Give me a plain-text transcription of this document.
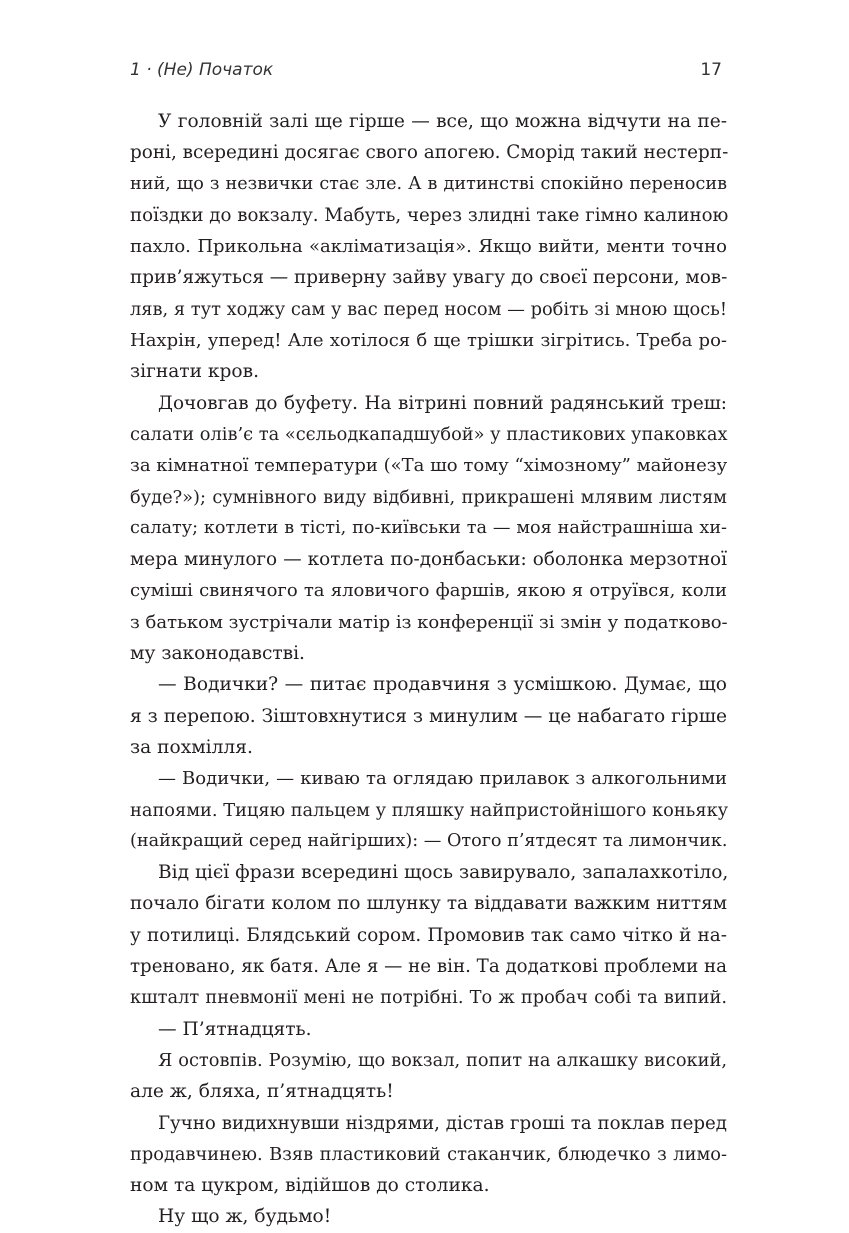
1 · (Не) Початок	17
У головній залі ще гірше — все, що можна відчути на пе-
роні, всередині досягає свого апогею. Сморід такий нестерп-
ний, що з незвички стає зле. А в дитинстві спокійно переносив
поїздки до вокзалу. Мабуть, через злидні таке гімно калиною
пахло. Прикольна «акліматизація». Якщо вийти, менти точно
прив’яжуться — приверну зайву увагу до своєї персони, мов-
ляв, я тут ходжу сам у вас перед носом — робіть зі мною щось!
Нахрін, уперед! Але хотілося б ще трішки зігрітись. Треба ро-
зігнати кров.
Дочовгав до буфету. На вітрині повний радянський треш:
салати олів’є та «сєльодкападшубой» у пластикових упаковках
за кімнатної температури («Та шо тому “хімозному” майонезу
буде?»); сумнівного виду відбивні, прикрашені млявим листям
салату; котлети в тісті, по-київськи та — моя найстрашніша хи-
мера минулого — котлета по-донбаськи: оболонка мерзотної
суміші свинячого та яловичого фаршів, якою я отруївся, коли
з батьком зустрічали матір із конференції зі змін у податково-
му законодавстві.
— Водички? — питає продавчиня з усмішкою. Думає, що
я з перепою. Зіштовхнутися з минулим — це набагато гірше
за похмілля.
— Водички, — киваю та оглядаю прилавок з алкогольними
напоями. Тицяю пальцем у пляшку найпристойнішого коньяку
(найкращий серед найгірших): — Отого п’ятдесят та лимончик.
Від цієї фрази всередині щось завирувало, запалахкотіло,
почало бігати колом по шлунку та віддавати важким ниттям
у потилиці. Блядський сором. Промовив так само чітко й на-
треновано, як батя. Але я — не він. Та додаткові проблеми на
кшталт пневмонії мені не потрібні. То ж пробач собі та випий.
— П’ятнадцять.
Я остовпів. Розумію, що вокзал, попит на алкашку високий,
але ж, бляха, п’ятнадцять!
Гучно видихнувши ніздрями, дістав гроші та поклав перед
продавчинею. Взяв пластиковий стаканчик, блюдечко з лимо-
ном та цукром, відійшов до столика.
Ну що ж, будьмо!
